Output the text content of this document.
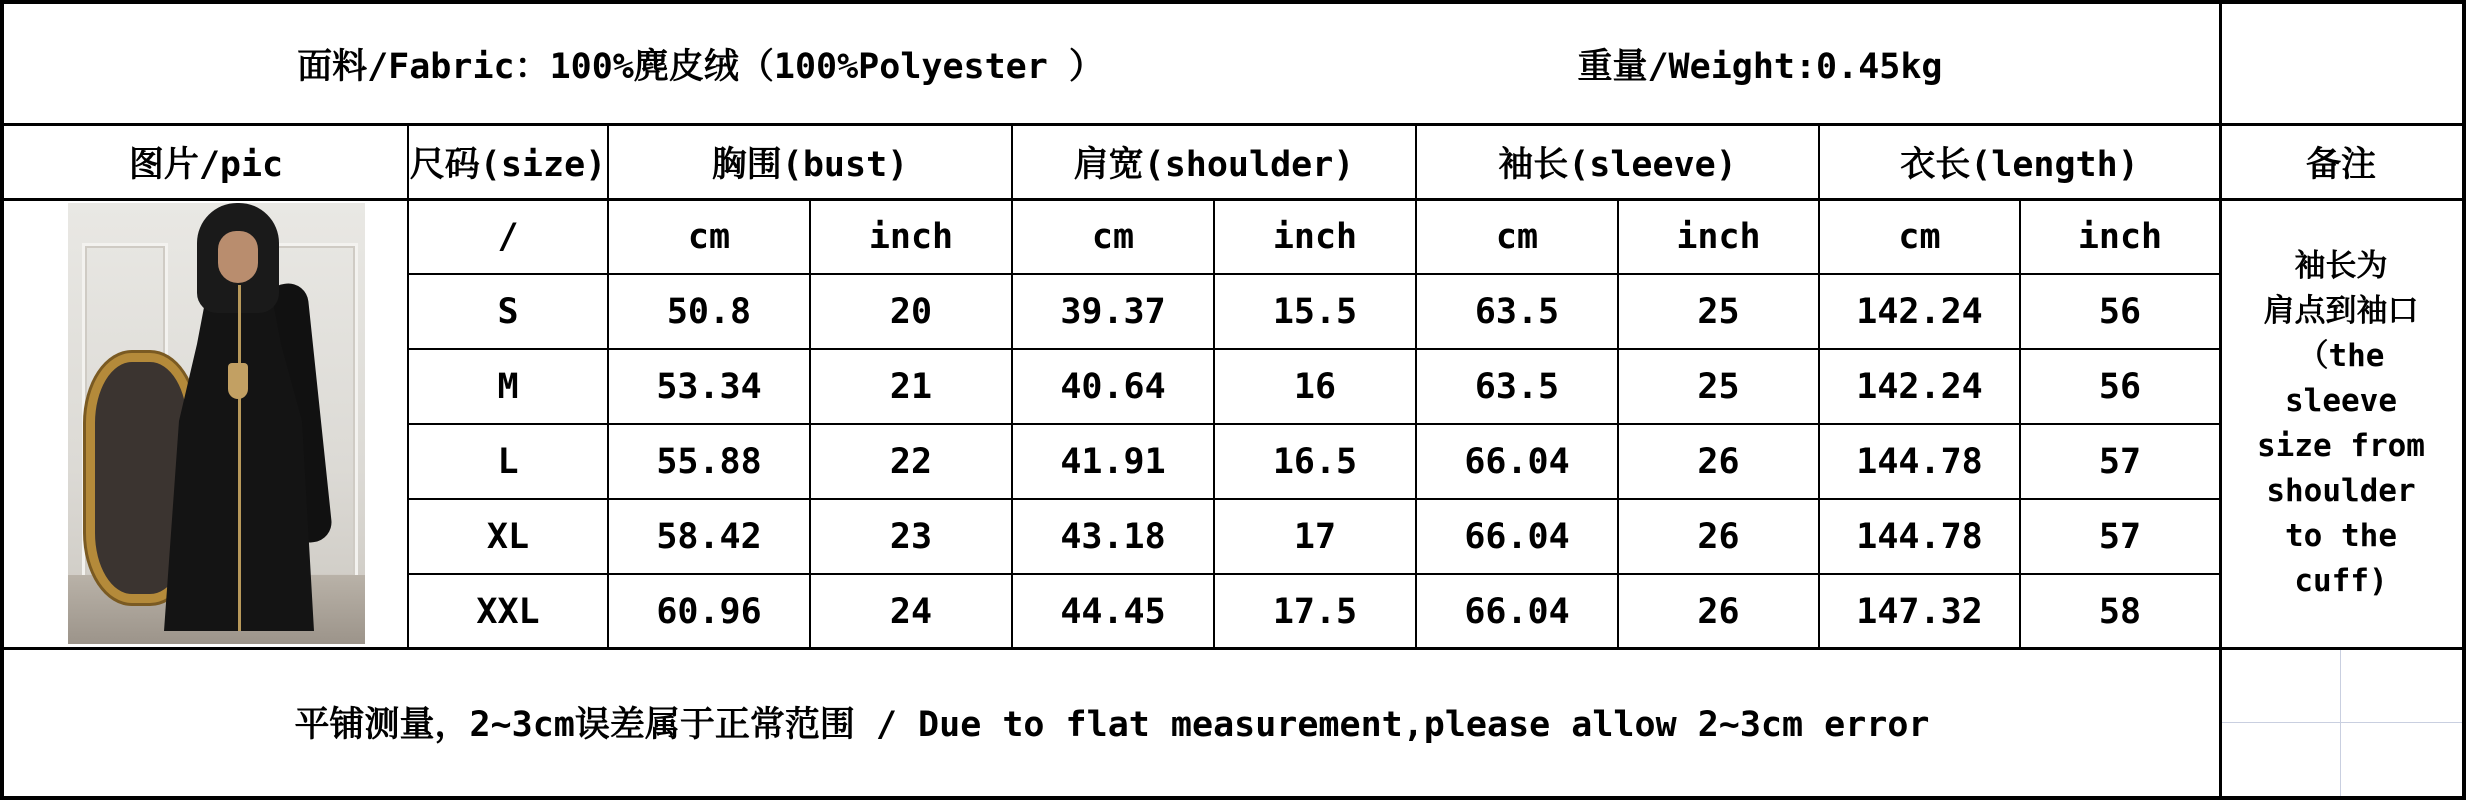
面料/Fabric：100%麂皮绒（100%Polyester ）	重量/Weight:0.45kg
图片/pic	尺码(size)	胸围(bust)	肩宽(shoulder)	袖长(sleeve)	衣长(length)	备注
/	cm	inch	cm	inch	cm	inch	cm	inch
S	50.8	20	39.37	15.5	63.5	25	142.24	56
M	53.34	21	40.64	16	63.5	25	142.24	56
L	55.88	22	41.91	16.5	66.04	26	144.78	57
XL	58.42	23	43.18	17	66.04	26	144.78	57
XXL	60.96	24	44.45	17.5	66.04	26	147.32	58
袖长为
肩点到袖口
（the
sleeve
size from
shoulder
to the
cuff)
平铺测量，2~3cm误差属于正常范围 / Due to flat measurement,please allow 2~3cm error
